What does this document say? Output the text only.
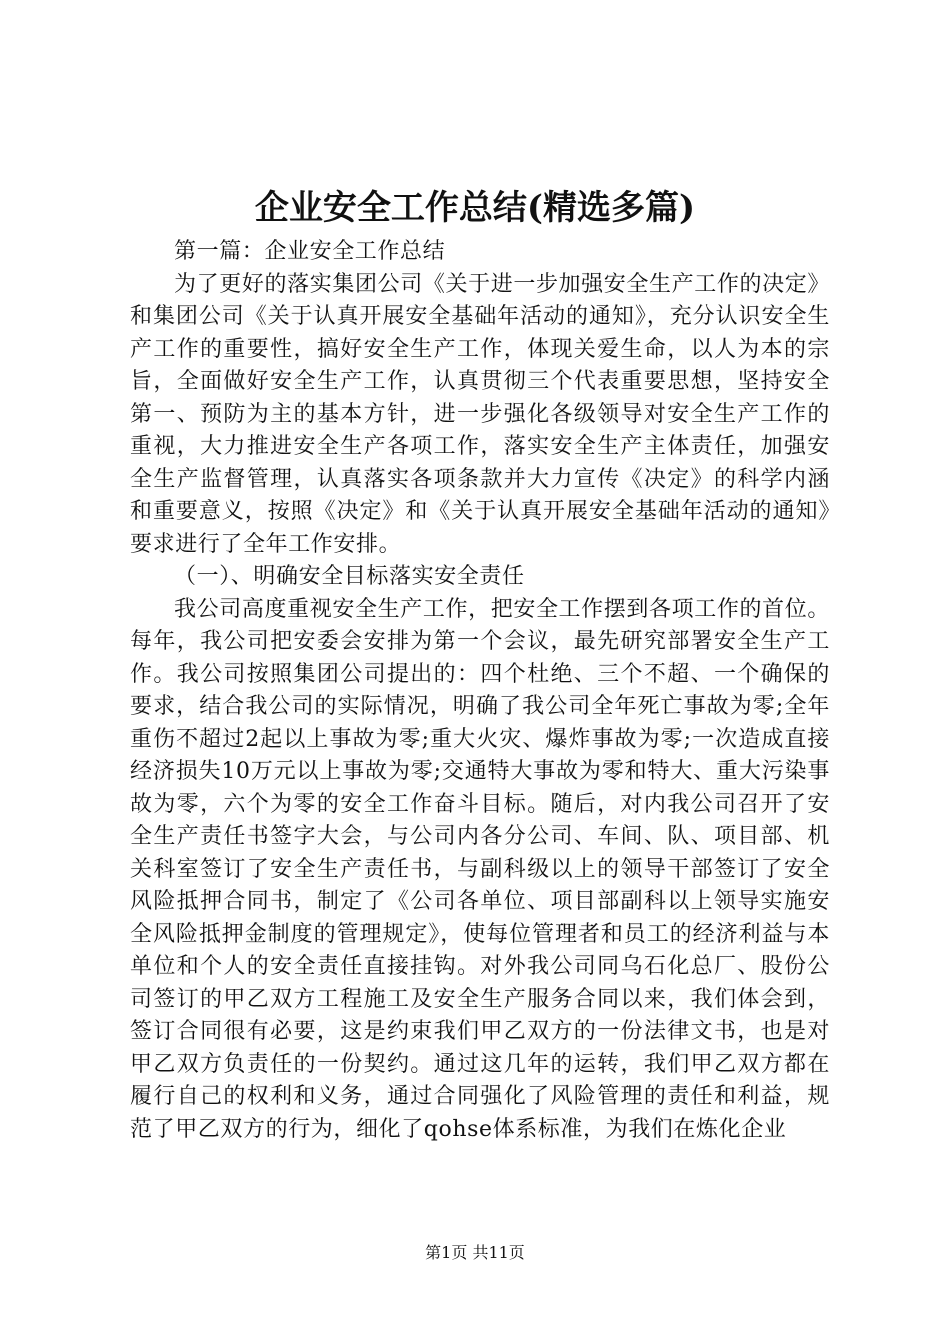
企业安全工作总结(精选多篇)

第一篇：企业安全工作总结

为了更好的落实集团公司《关于进一步加强安全生产工作的决定》和集团公司《关于认真开展安全基础年活动的通知》，充分认识安全生产工作的重要性，搞好安全生产工作，体现关爱生命，以人为本的宗旨，全面做好安全生产工作，认真贯彻三个代表重要思想，坚持安全第一、预防为主的基本方针，进一步强化各级领导对安全生产工作的重视，大力推进安全生产各项工作，落实安全生产主体责任，加强安全生产监督管理，认真落实各项条款并大力宣传《决定》的科学内涵和重要意义，按照《决定》和《关于认真开展安全基础年活动的通知》要求进行了全年工作安排。

（一）、明确安全目标落实安全责任

我公司高度重视安全生产工作，把安全工作摆到各项工作的首位。每年，我公司把安委会安排为第一个会议，最先研究部署安全生产工作。我公司按照集团公司提出的：四个杜绝、三个不超、一个确保的要求，结合我公司的实际情况，明确了我公司全年死亡事故为零;全年重伤不超过2起以上事故为零;重大火灾、爆炸事故为零;一次造成直接经济损失10万元以上事故为零;交通特大事故为零和特大、重大污染事故为零，六个为零的安全工作奋斗目标。随后，对内我公司召开了安全生产责任书签字大会，与公司内各分公司、车间、队、项目部、机关科室签订了安全生产责任书，与副科级以上的领导干部签订了安全风险抵押合同书，制定了《公司各单位、项目部副科以上领导实施安全风险抵押金制度的管理规定》，使每位管理者和员工的经济利益与本单位和个人的安全责任直接挂钩。对外我公司同乌石化总厂、股份公司签订的甲乙双方工程施工及安全生产服务合同以来，我们体会到，签订合同很有必要，这是约束我们甲乙双方的一份法律文书，也是对甲乙双方负责任的一份契约。通过这几年的运转，我们甲乙双方都在履行自己的权利和义务，通过合同强化了风险管理的责任和利益，规范了甲乙双方的行为，细化了qohse体系标准，为我们在炼化企业

第1页 共11页
